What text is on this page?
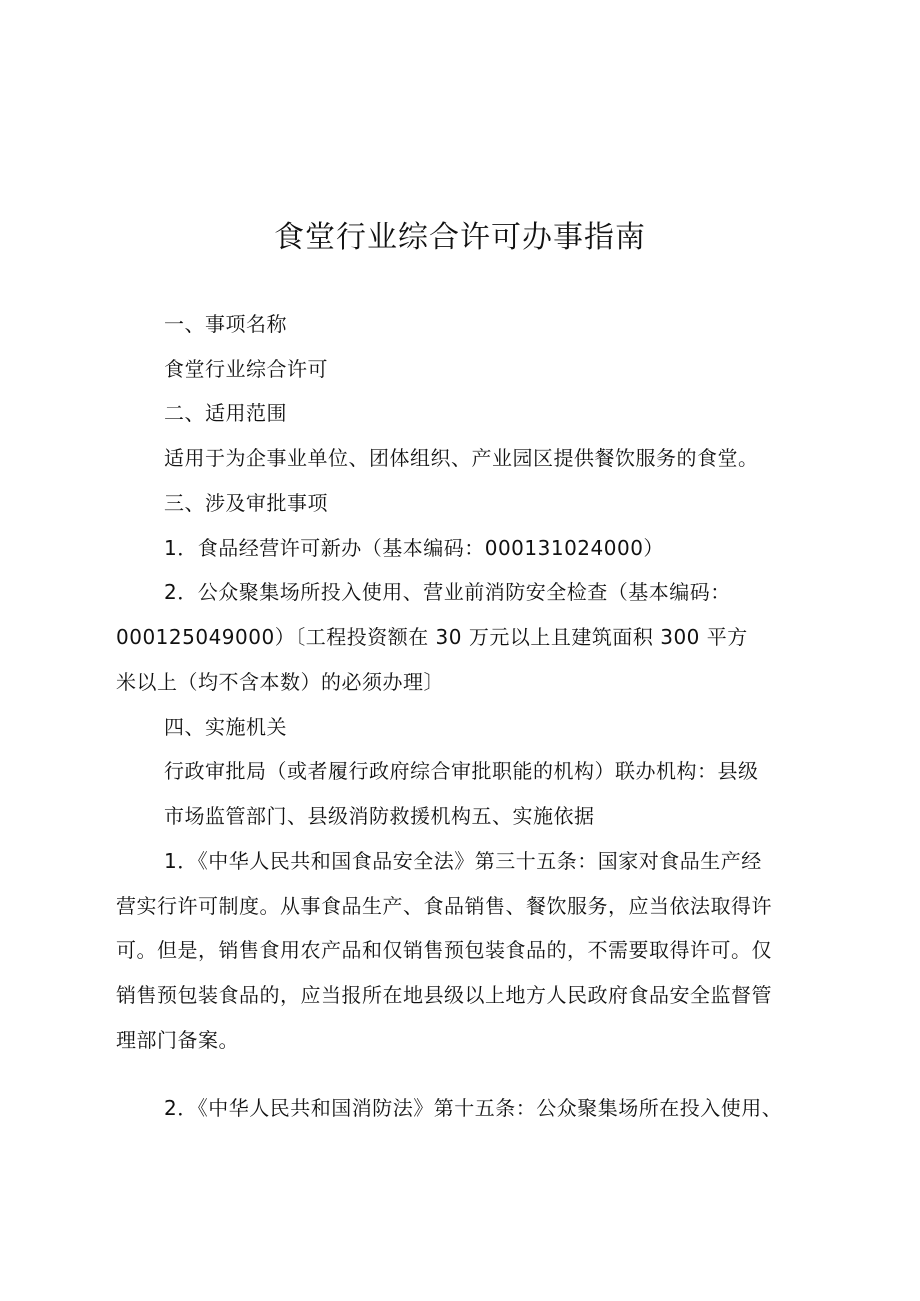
食堂行业综合许可办事指南
一、事项名称
食堂行业综合许可
二、适用范围
适用于为企事业单位、团体组织、产业园区提供餐饮服务的食堂。
三、涉及审批事项
1．食品经营许可新办（基本编码：000131024000）
2．公众聚集场所投入使用、营业前消防安全检查（基本编码：
000125049000）〔工程投资额在 30 万元以上且建筑面积 300 平方
米以上（均不含本数）的必须办理〕
四、实施机关
行政审批局（或者履行政府综合审批职能的机构）联办机构：县级
市场监管部门、县级消防救援机构五、实施依据
1．《中华人民共和国食品安全法》第三十五条：国家对食品生产经
营实行许可制度。从事食品生产、食品销售、餐饮服务，应当依法取得许
可。但是，销售食用农产品和仅销售预包装食品的，不需要取得许可。仅
销售预包装食品的，应当报所在地县级以上地方人民政府食品安全监督管
理部门备案。
2．《中华人民共和国消防法》第十五条：公众聚集场所在投入使用、
